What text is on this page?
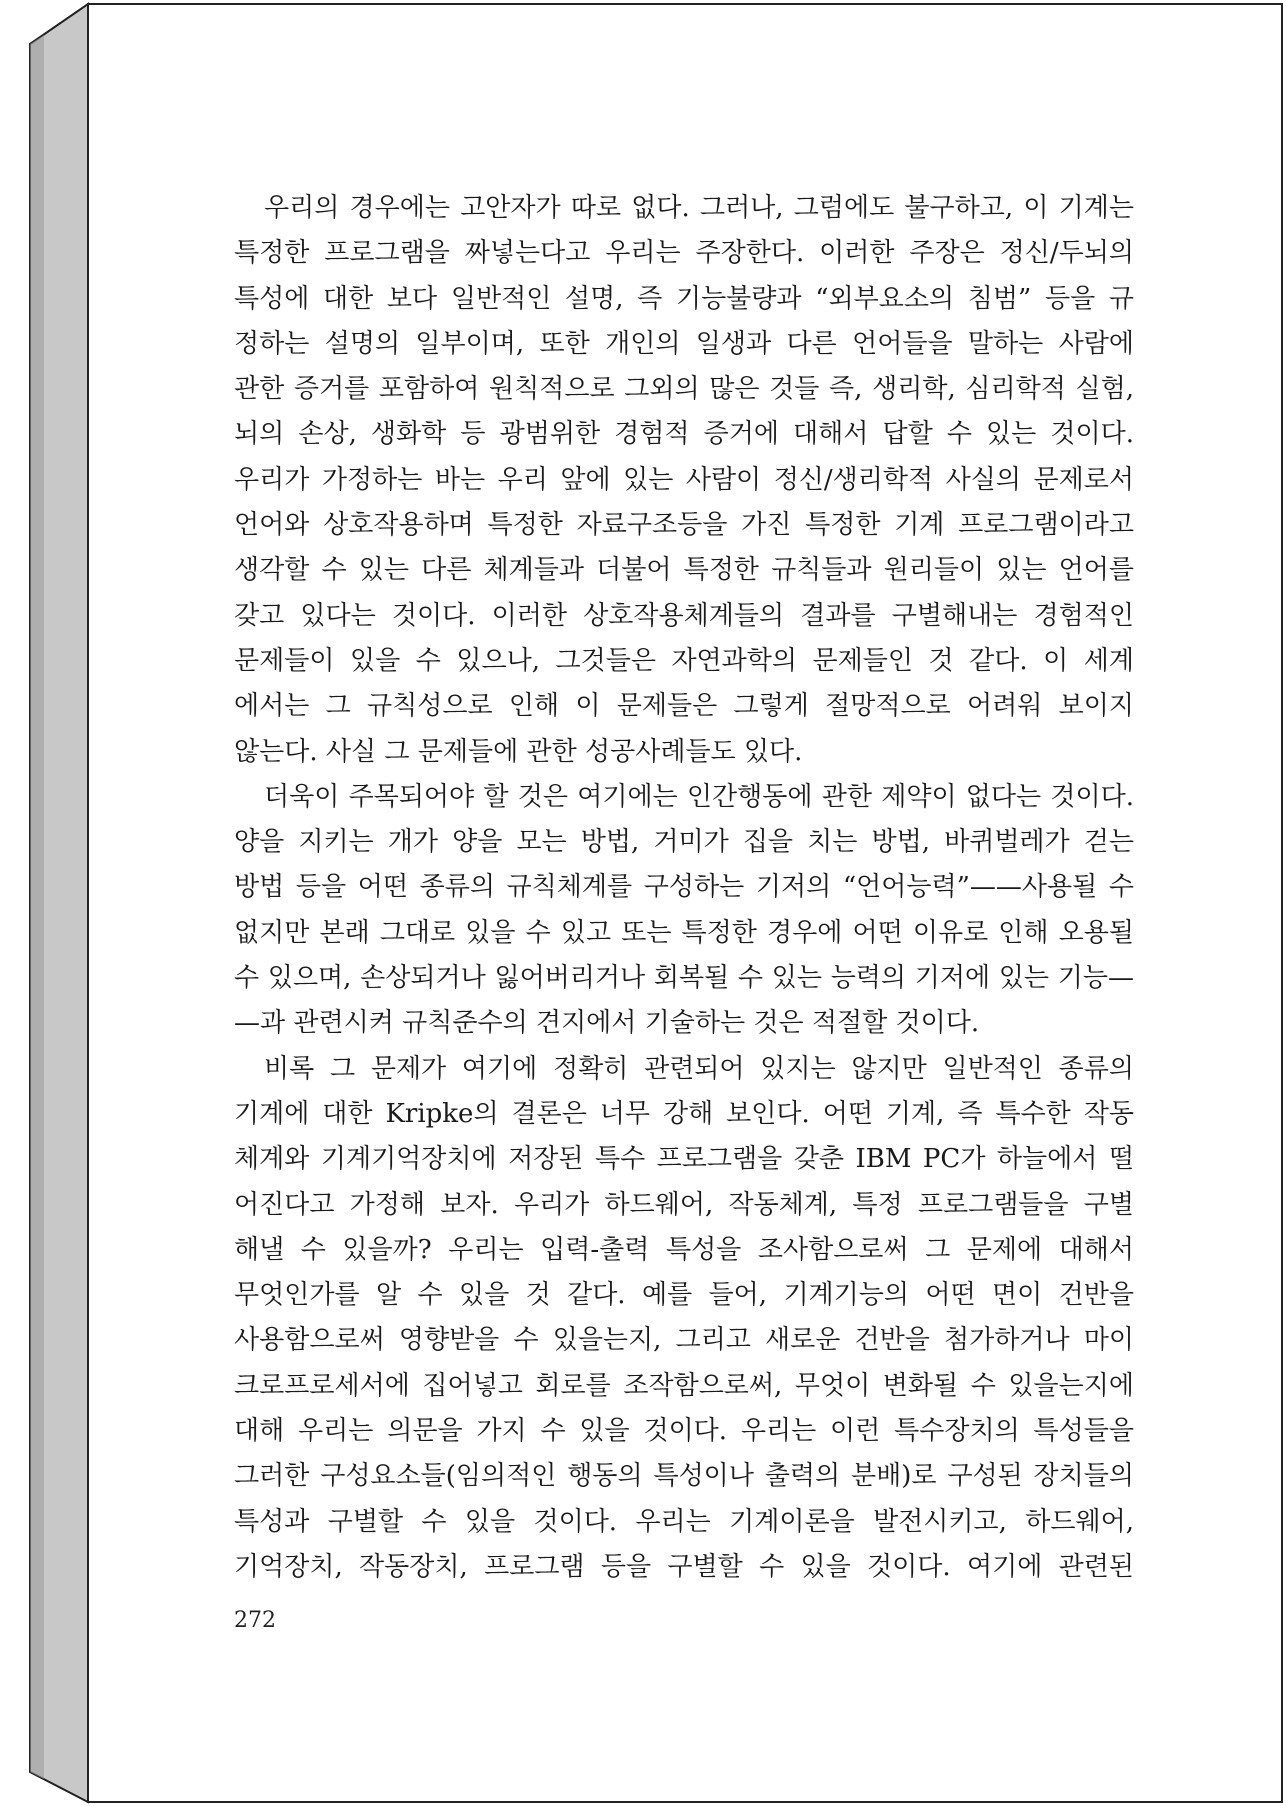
우리의 경우에는 고안자가 따로 없다. 그러나, 그럼에도 불구하고, 이 기계는
특정한 프로그램을 짜넣는다고 우리는 주장한다. 이러한 주장은 정신/두뇌의
특성에 대한 보다 일반적인 설명, 즉 기능불량과 “외부요소의 침범” 등을 규
정하는 설명의 일부이며, 또한 개인의 일생과 다른 언어들을 말하는 사람에
관한 증거를 포함하여 원칙적으로 그외의 많은 것들 즉, 생리학, 심리학적 실험,
뇌의 손상, 생화학 등 광범위한 경험적 증거에 대해서 답할 수 있는 것이다.
우리가 가정하는 바는 우리 앞에 있는 사람이 정신/생리학적 사실의 문제로서
언어와 상호작용하며 특정한 자료구조등을 가진 특정한 기계 프로그램이라고
생각할 수 있는 다른 체계들과 더불어 특정한 규칙들과 원리들이 있는 언어를
갖고 있다는 것이다. 이러한 상호작용체계들의 결과를 구별해내는 경험적인
문제들이 있을 수 있으나, 그것들은 자연과학의 문제들인 것 같다. 이 세계
에서는 그 규칙성으로 인해 이 문제들은 그렇게 절망적으로 어려워 보이지
않는다. 사실 그 문제들에 관한 성공사례들도 있다.
더욱이 주목되어야 할 것은 여기에는 인간행동에 관한 제약이 없다는 것이다.
양을 지키는 개가 양을 모는 방법, 거미가 집을 치는 방법, 바퀴벌레가 걷는
방법 등을 어떤 종류의 규칙체계를 구성하는 기저의 “언어능력”——사용될 수
없지만 본래 그대로 있을 수 있고 또는 특정한 경우에 어떤 이유로 인해 오용될
수 있으며, 손상되거나 잃어버리거나 회복될 수 있는 능력의 기저에 있는 기능—
—과 관련시켜 규칙준수의 견지에서 기술하는 것은 적절할 것이다.
비록 그 문제가 여기에 정확히 관련되어 있지는 않지만 일반적인 종류의
기계에 대한 Kripke의 결론은 너무 강해 보인다. 어떤 기계, 즉 특수한 작동
체계와 기계기억장치에 저장된 특수 프로그램을 갖춘 IBM PC가 하늘에서 떨
어진다고 가정해 보자. 우리가 하드웨어, 작동체계, 특정 프로그램들을 구별
해낼 수 있을까? 우리는 입력-출력 특성을 조사함으로써 그 문제에 대해서
무엇인가를 알 수 있을 것 같다. 예를 들어, 기계기능의 어떤 면이 건반을
사용함으로써 영향받을 수 있을는지, 그리고 새로운 건반을 첨가하거나 마이
크로프로세서에 집어넣고 회로를 조작함으로써, 무엇이 변화될 수 있을는지에
대해 우리는 의문을 가지 수 있을 것이다. 우리는 이런 특수장치의 특성들을
그러한 구성요소들(임의적인 행동의 특성이나 출력의 분배)로 구성된 장치들의
특성과 구별할 수 있을 것이다. 우리는 기계이론을 발전시키고, 하드웨어,
기억장치, 작동장치, 프로그램 등을 구별할 수 있을 것이다. 여기에 관련된
272
